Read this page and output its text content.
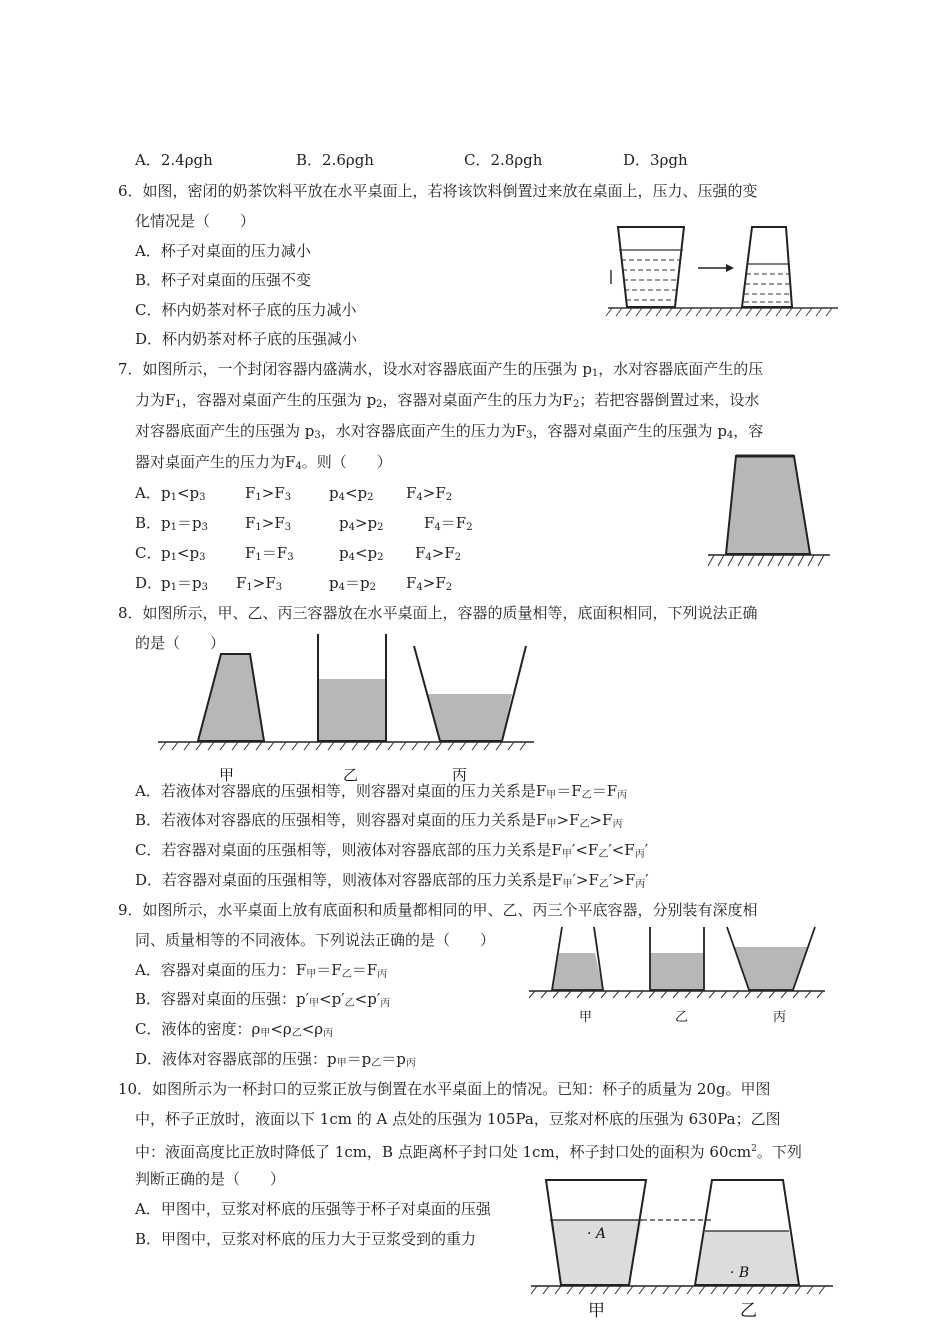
A．2.4ρgh	B．2.6ρgh	C．2.8ρgh	D．3ρgh
6．如图，密闭的奶茶饮料平放在水平桌面上，若将该饮料倒置过来放在桌面上，压力、压强的变
化情况是（　　）
A．杯子对桌面的压力减小
B．杯子对桌面的压强不变
C．杯内奶茶对杯子底的压力减小
D．杯内奶茶对杯子底的压强减小
7．如图所示，一个封闭容器内盛满水，设水对容器底面产生的压强为 $p_1$，水对容器底面产生的压
力为$F_1$，容器对桌面产生的压强为 $p_2$，容器对桌面产生的压力为$F_2$；若把容器倒置过来，设水
对容器底面产生的压强为 $p_3$，水对容器底面产生的压力为$F_3$，容器对桌面产生的压强为 $p_4$，容
器对桌面产生的压力为$F_4$。则（　　）
A． $p_1<p_3$	$F_1>F_3$	$p_4<p_2$ $F_4>F_2$
B． $p_1=p_3$ $F_1>F_3$	$p_4>p_2$	$F_4=F_2$
C． $p_1<p_3$	$F_1=F_3$	$p_4<p_2$ $F_4>F_2$
D．
$p_1=p_3$ $F_1>F_3$	$p_4=p_2$ $F_4>F_2$
8．如图所示，甲、乙、丙三容器放在水平桌面上，容器的质量相等，底面积相同，下列说法正确
的是（　　）
甲	乙	丙
A．若液体对容器底的压强相等，则容器对桌面的压力关系是F甲＝F乙＝F丙
B．若液体对容器底的压强相等，则容器对桌面的压力关系是F甲>F乙>F丙
C．若容器对桌面的压强相等，则液体对容器底部的压力关系是F甲′<F乙′<F丙′
D．若容器对桌面的压强相等，则液体对容器底部的压力关系是F甲′>F乙′>F丙′
9．如图所示，水平桌面上放有底面积和质量都相同的甲、乙、丙三个平底容器，分别装有深度相
同、质量相等的不同液体。下列说法正确的是（　　）
A．容器对桌面的压力：F甲＝F乙＝F丙
B．容器对桌面的压强：p′甲<p′乙<p′丙
C．液体的密度：ρ甲<ρ乙<ρ丙
D．液体对容器底部的压强：p甲＝p乙＝p丙
甲	乙	丙
10．如图所示为一杯封口的豆浆正放与倒置在水平桌面上的情况。已知：杯子的质量为 20g。甲图
中，杯子正放时，液面以下 1cm 的 A 点处的压强为 105Pa，豆浆对杯底的压强为 630Pa；乙图
中：液面高度比正放时降低了 1cm，B 点距离杯子封口处 1cm，杯子封口处的面积为 $60cm^2$。下列
判断正确的是（　　）
A．甲图中，豆浆对杯底的压强等于杯子对桌面的压强
B．甲图中，豆浆对杯底的压力大于豆浆受到的重力	· A
· B
甲	乙
